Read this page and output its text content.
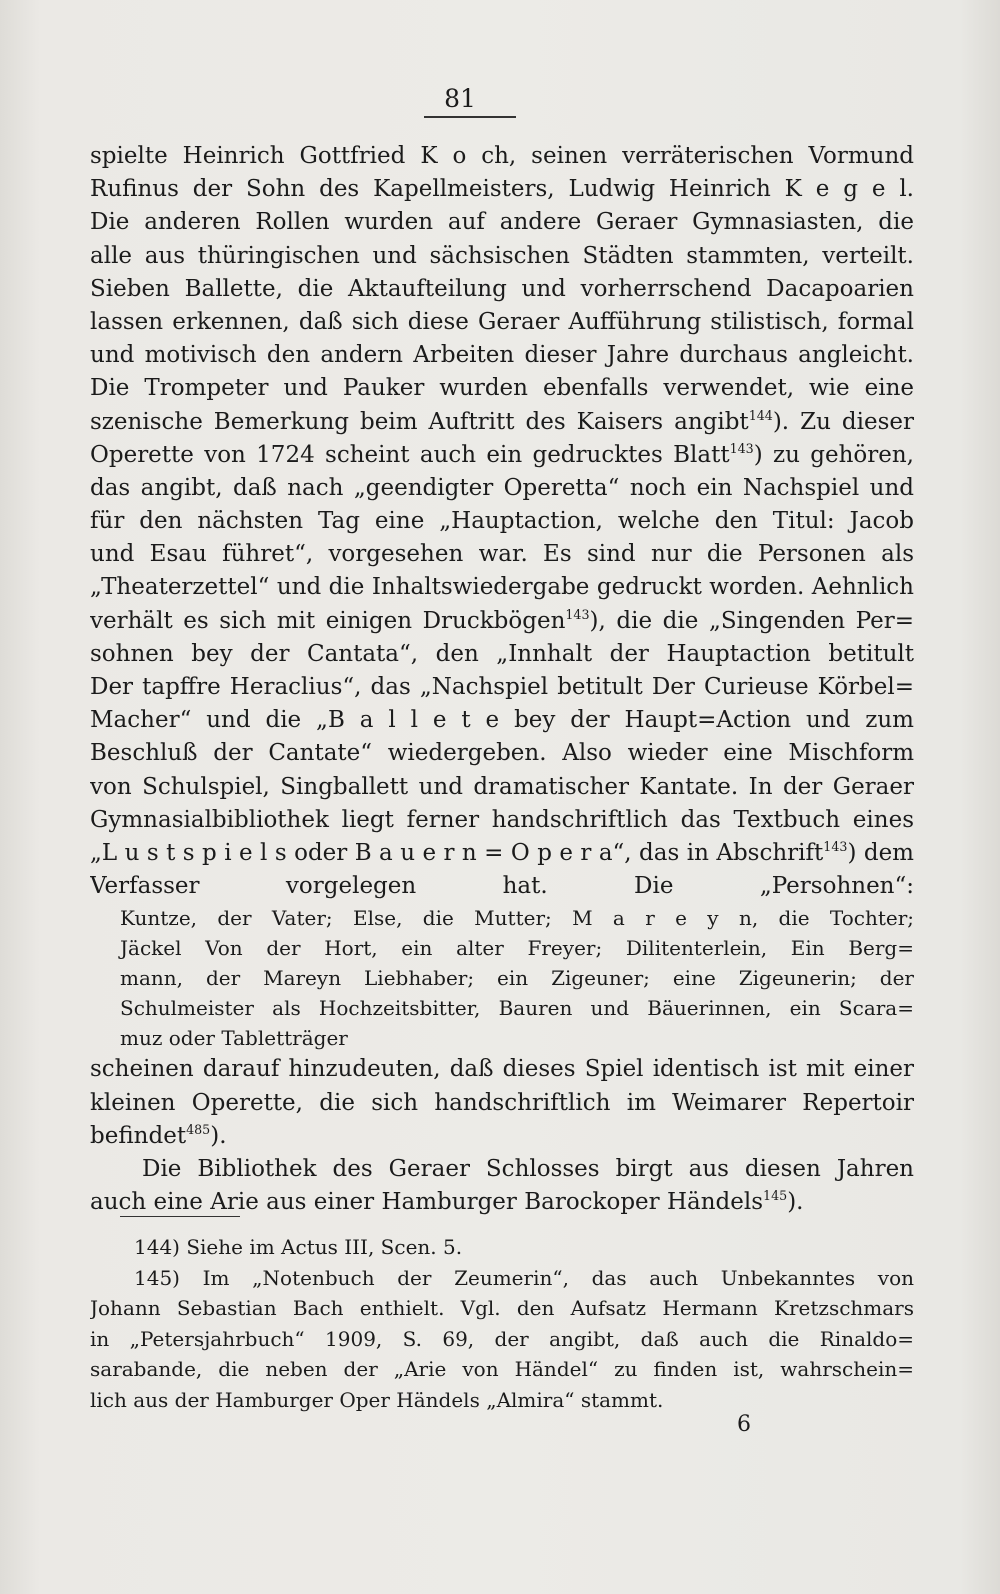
81
spielte Heinrich Gottfried K o ch, seinen verräterischen Vormund
Rufinus der Sohn des Kapellmeisters, Ludwig Heinrich K e g e l.
Die anderen Rollen wurden auf andere Geraer Gymnasiasten, die
alle aus thüringischen und sächsischen Städten stammten, verteilt.
Sieben Ballette, die Aktaufteilung und vorherrschend Dacapoarien
lassen erkennen, daß sich diese Geraer Aufführung stilistisch, formal
und motivisch den andern Arbeiten dieser Jahre durchaus angleicht.
Die Trompeter und Pauker wurden ebenfalls verwendet, wie eine
szenische Bemerkung beim Auftritt des Kaisers angibt$^{144}$). Zu dieser
Operette von 1724 scheint auch ein gedrucktes Blatt$^{143}$) zu gehören,
das angibt, daß nach „geendigter Operetta“ noch ein Nachspiel und
für den nächsten Tag eine „Hauptaction, welche den Titul: Jacob
und Esau führet“, vorgesehen war. Es sind nur die Personen als
„Theaterzettel“ und die Inhaltswiedergabe gedruckt worden. Aehnlich
verhält es sich mit einigen Druckbögen$^{143}$), die die „Singenden Per=
sohnen bey der Cantata“, den „Innhalt der Hauptaction betitult
Der tapffre Heraclius“, das „Nachspiel betitult Der Curieuse Körbel=
Macher“ und die „B a l l e t e bey der Haupt=Action und zum
Beschluß der Cantate“ wiedergeben. Also wieder eine Mischform
von Schulspiel, Singballett und dramatischer Kantate. In der Geraer
Gymnasialbibliothek liegt ferner handschriftlich das Textbuch eines
„L u s t s p i e l s oder B a u e r n = O p e r a“, das in Abschrift$^{143}$) dem
Verfasser vorgelegen hat. Die „Persohnen“:
Kuntze, der Vater; Else, die Mutter; M a r e y n, die Tochter;
Jäckel Von der Hort, ein alter Freyer; Dilitenterlein, Ein Berg=
mann, der Mareyn Liebhaber; ein Zigeuner; eine Zigeunerin; der
Schulmeister als Hochzeitsbitter, Bauren und Bäuerinnen, ein Scara=
muz oder Tabletträger
scheinen darauf hinzudeuten, daß dieses Spiel identisch ist mit einer
kleinen Operette, die sich handschriftlich im Weimarer Repertoir
befindet$^{485}$).
Die Bibliothek des Geraer Schlosses birgt aus diesen Jahren
auch eine Arie aus einer Hamburger Barockoper Händels$^{145}$).
144) Siehe im Actus III, Scen. 5.
145) Im „Notenbuch der Zeumerin“, das auch Unbekanntes von
Johann Sebastian Bach enthielt. Vgl. den Aufsatz Hermann Kretzschmars
in „Petersjahrbuch“ 1909, S. 69, der angibt, daß auch die Rinaldo=
sarabande, die neben der „Arie von Händel“ zu finden ist, wahrschein=
lich aus der Hamburger Oper Händels „Almira“ stammt.
6
